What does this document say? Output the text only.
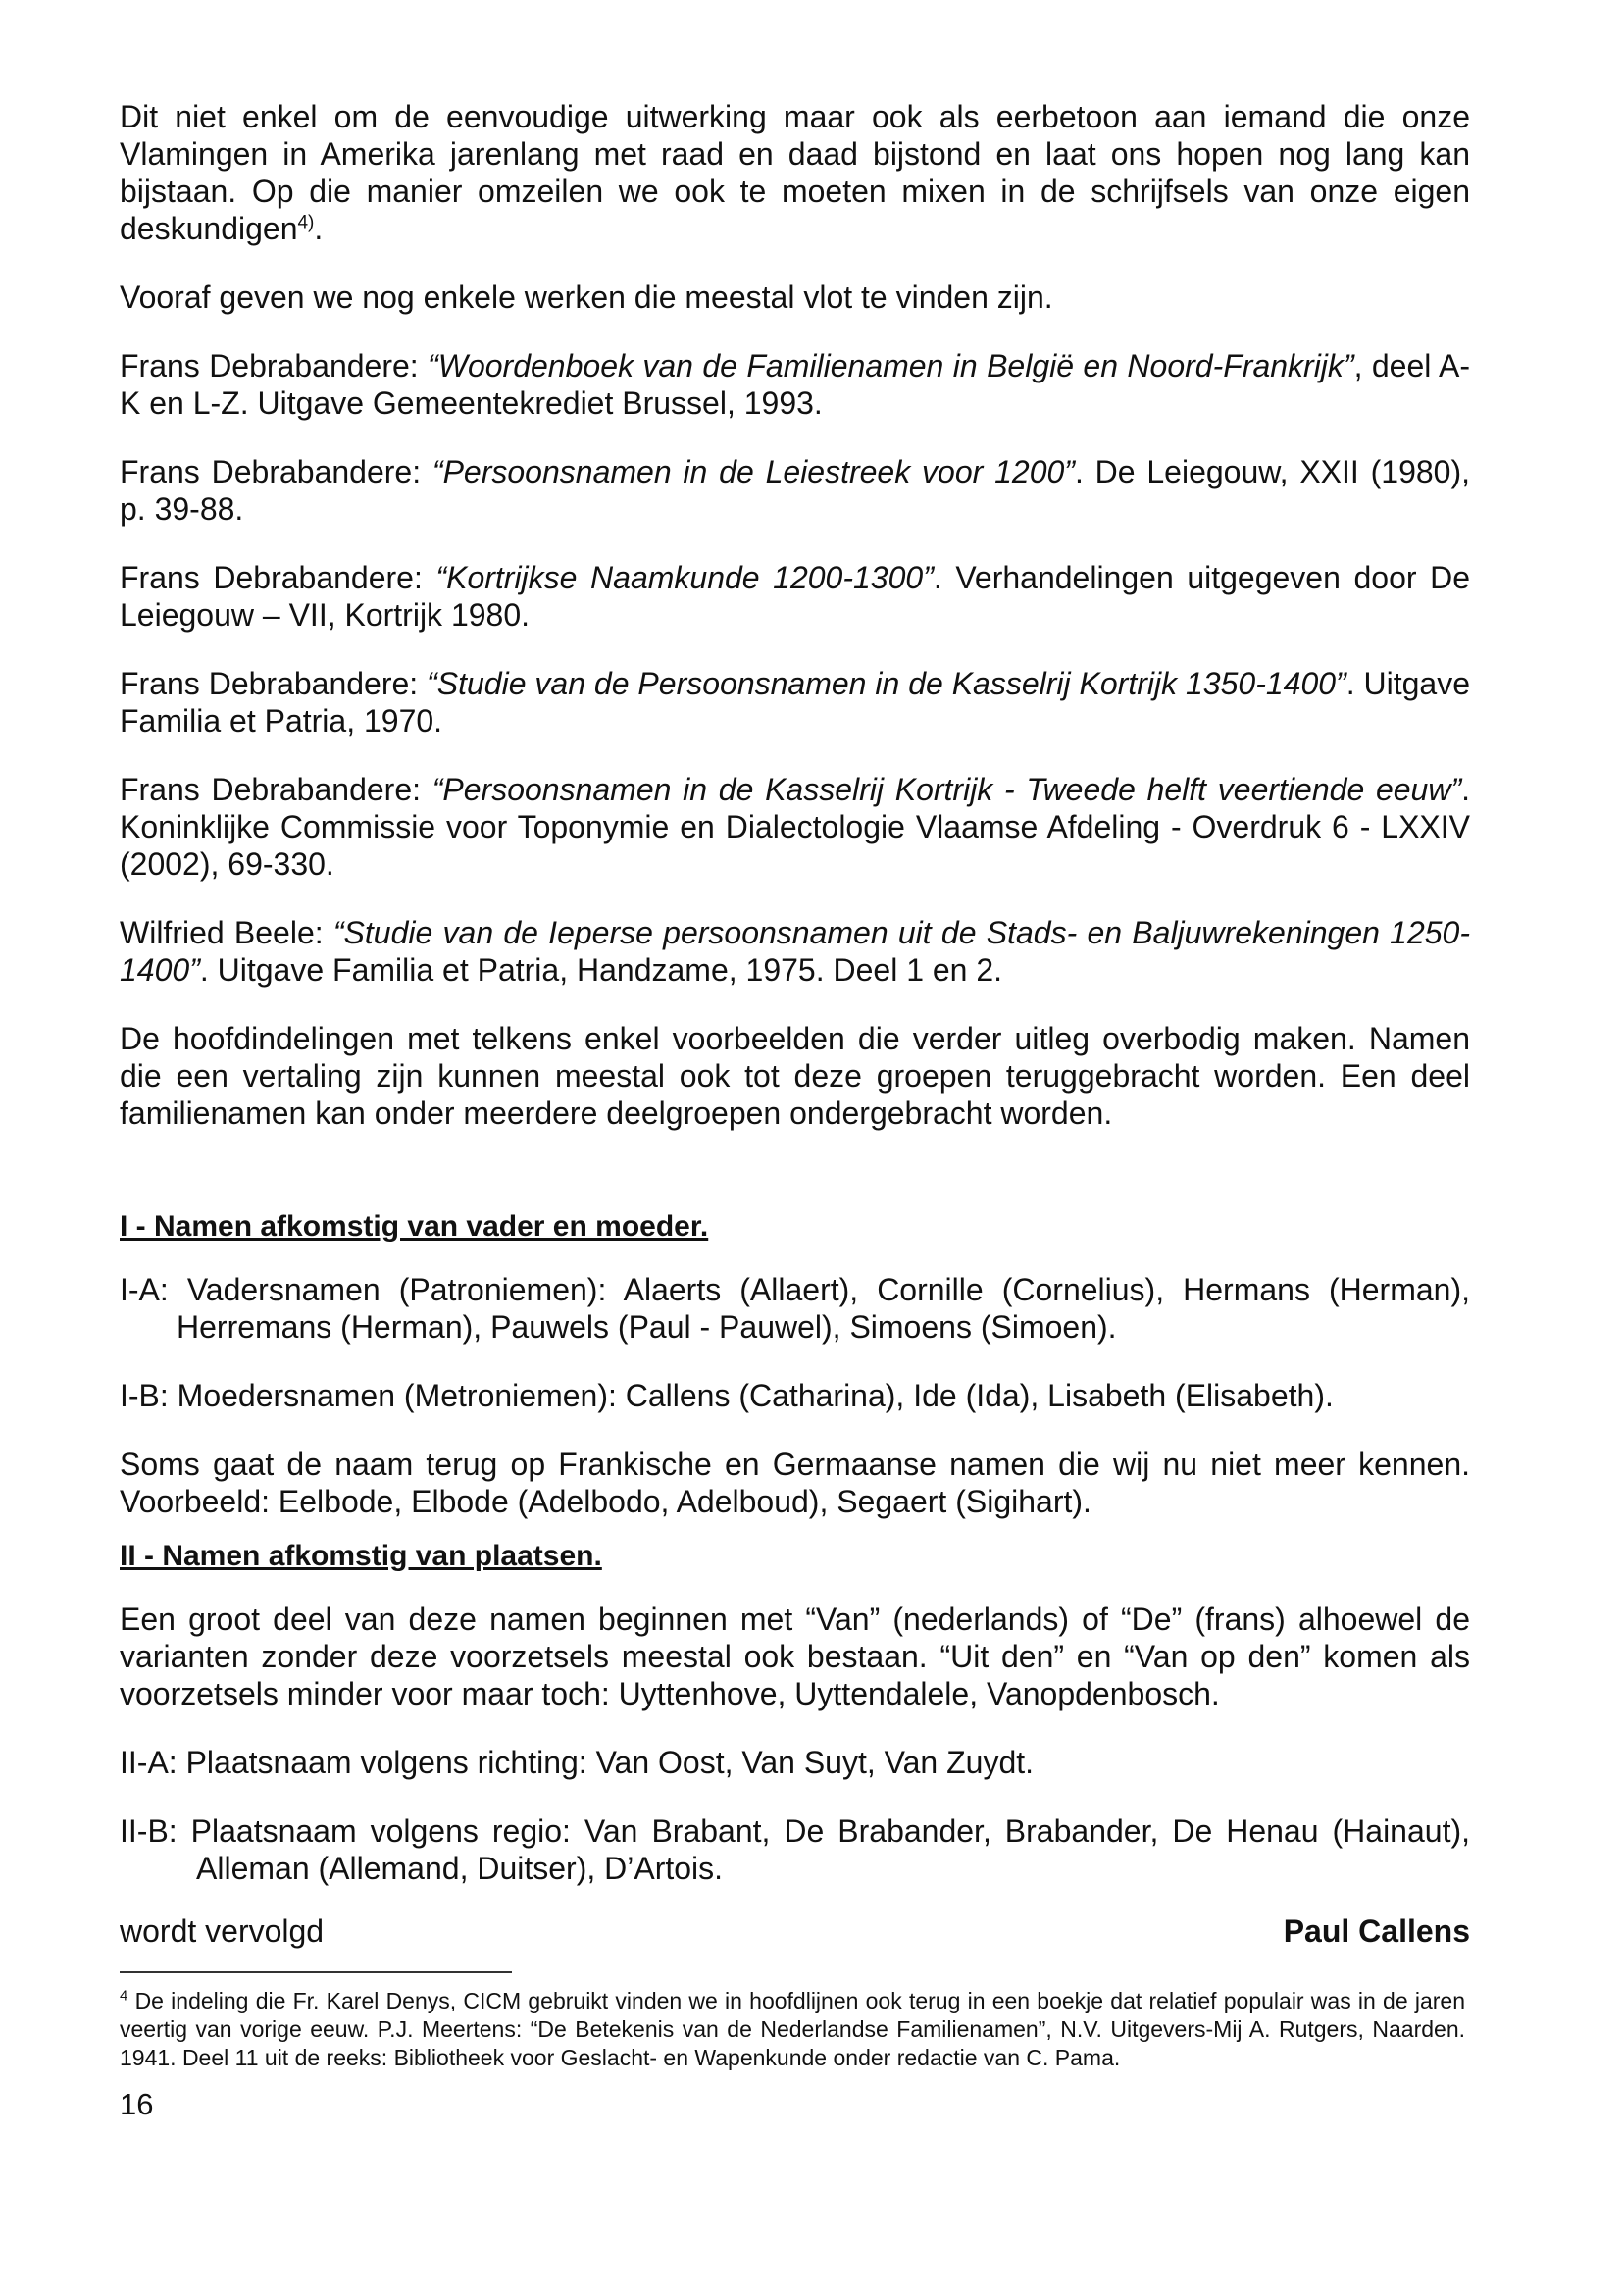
Dit niet enkel om de eenvoudige uitwerking maar ook als eerbetoon aan iemand die onze Vlamingen in Amerika jarenlang met raad en daad bijstond en laat ons hopen nog lang kan bijstaan. Op die manier omzeilen we ook te moeten mixen in de schrijfsels van onze eigen deskundigen$^{4)}$.

Vooraf geven we nog enkele werken die meestal vlot te vinden zijn.

Frans Debrabandere: “Woordenboek van de Familienamen in België en Noord-Frankrijk”, deel A-K en L-Z. Uitgave Gemeentekrediet Brussel, 1993.

Frans Debrabandere: “Persoonsnamen in de Leiestreek voor 1200”. De Leiegouw, XXII (1980), p. 39-88.

Frans Debrabandere: “Kortrijkse Naamkunde 1200-1300”. Verhandelingen uitgegeven door De Leiegouw – VII, Kortrijk 1980.

Frans Debrabandere: “Studie van de Persoonsnamen in de Kasselrij Kortrijk 1350-1400”. Uitgave Familia et Patria, 1970.

Frans Debrabandere: “Persoonsnamen in de Kasselrij Kortrijk - Tweede helft veertiende eeuw”. Koninklijke Commissie voor Toponymie en Dialectologie Vlaamse Afdeling - Overdruk 6 - LXXIV (2002), 69-330.

Wilfried Beele: “Studie van de Ieperse persoonsnamen uit de Stads- en Baljuwrekeningen 1250-1400”. Uitgave Familia et Patria, Handzame, 1975. Deel 1 en 2.

De hoofdindelingen met telkens enkel voorbeelden die verder uitleg overbodig maken. Namen die een vertaling zijn kunnen meestal ook tot deze groepen teruggebracht worden. Een deel familienamen kan onder meerdere deelgroepen ondergebracht worden.

I - Namen afkomstig van vader en moeder.

I-A: Vadersnamen (Patroniemen): Alaerts (Allaert), Cornille (Cornelius), Hermans (Herman), Herremans (Herman), Pauwels (Paul - Pauwel), Simoens (Simoen).

I-B: Moedersnamen (Metroniemen): Callens (Catharina), Ide (Ida), Lisabeth (Elisabeth).

Soms gaat de naam terug op Frankische en Germaanse namen die wij nu niet meer kennen. Voorbeeld: Eelbode, Elbode (Adelbodo, Adelboud), Segaert (Sigihart).

II - Namen afkomstig van plaatsen.

Een groot deel van deze namen beginnen met “Van” (nederlands) of “De” (frans) alhoewel de varianten zonder deze voorzetsels meestal ook bestaan. “Uit den” en “Van op den” komen als voorzetsels minder voor maar toch: Uyttenhove, Uyttendalele, Vanopdenbosch.

II-A: Plaatsnaam volgens richting: Van Oost, Van Suyt, Van Zuydt.

II-B: Plaatsnaam volgens regio: Van Brabant, De Brabander, Brabander, De Henau (Hainaut), Alleman (Allemand, Duitser), D’Artois.

wordt vervolgd	Paul Callens

$^4$ De indeling die Fr. Karel Denys, CICM gebruikt vinden we in hoofdlijnen ook terug in een boekje dat relatief populair was in de jaren veertig van vorige eeuw. P.J. Meertens: “De Betekenis van de Nederlandse Familienamen”, N.V. Uitgevers-Mij A. Rutgers, Naarden. 1941. Deel 11 uit de reeks: Bibliotheek voor Geslacht- en Wapenkunde onder redactie van C. Pama.

16
